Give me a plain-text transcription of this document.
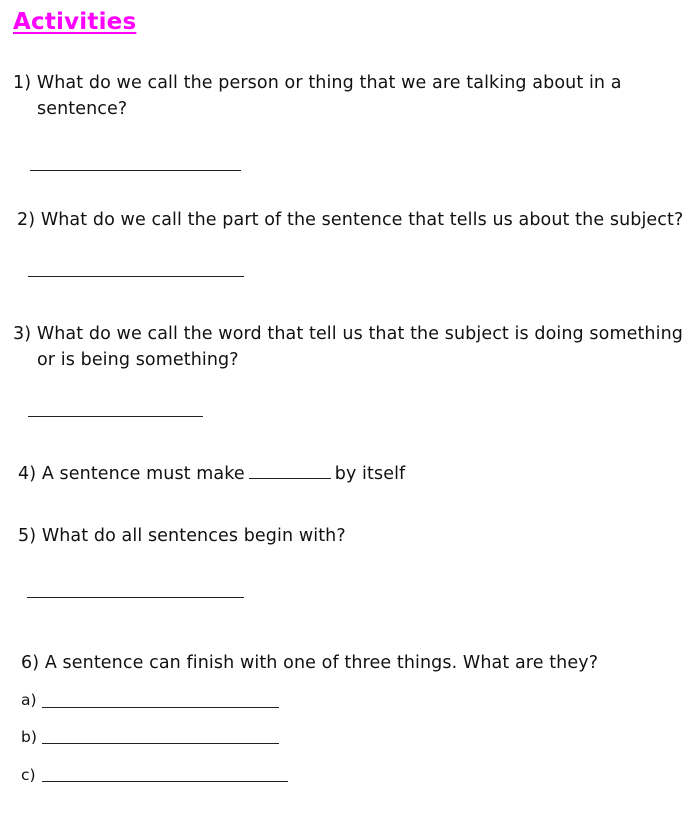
Activities
1) What do we call the person or thing that we are talking about in a
sentence?
2) What do we call the part of the sentence that tells us about the subject?
3) What do we call the word that tell us that the subject is doing something
or is being something?
4) A sentence must make	by itself
5) What do all sentences begin with?
6) A sentence can finish with one of three things. What are they?
a)
b)
c)
